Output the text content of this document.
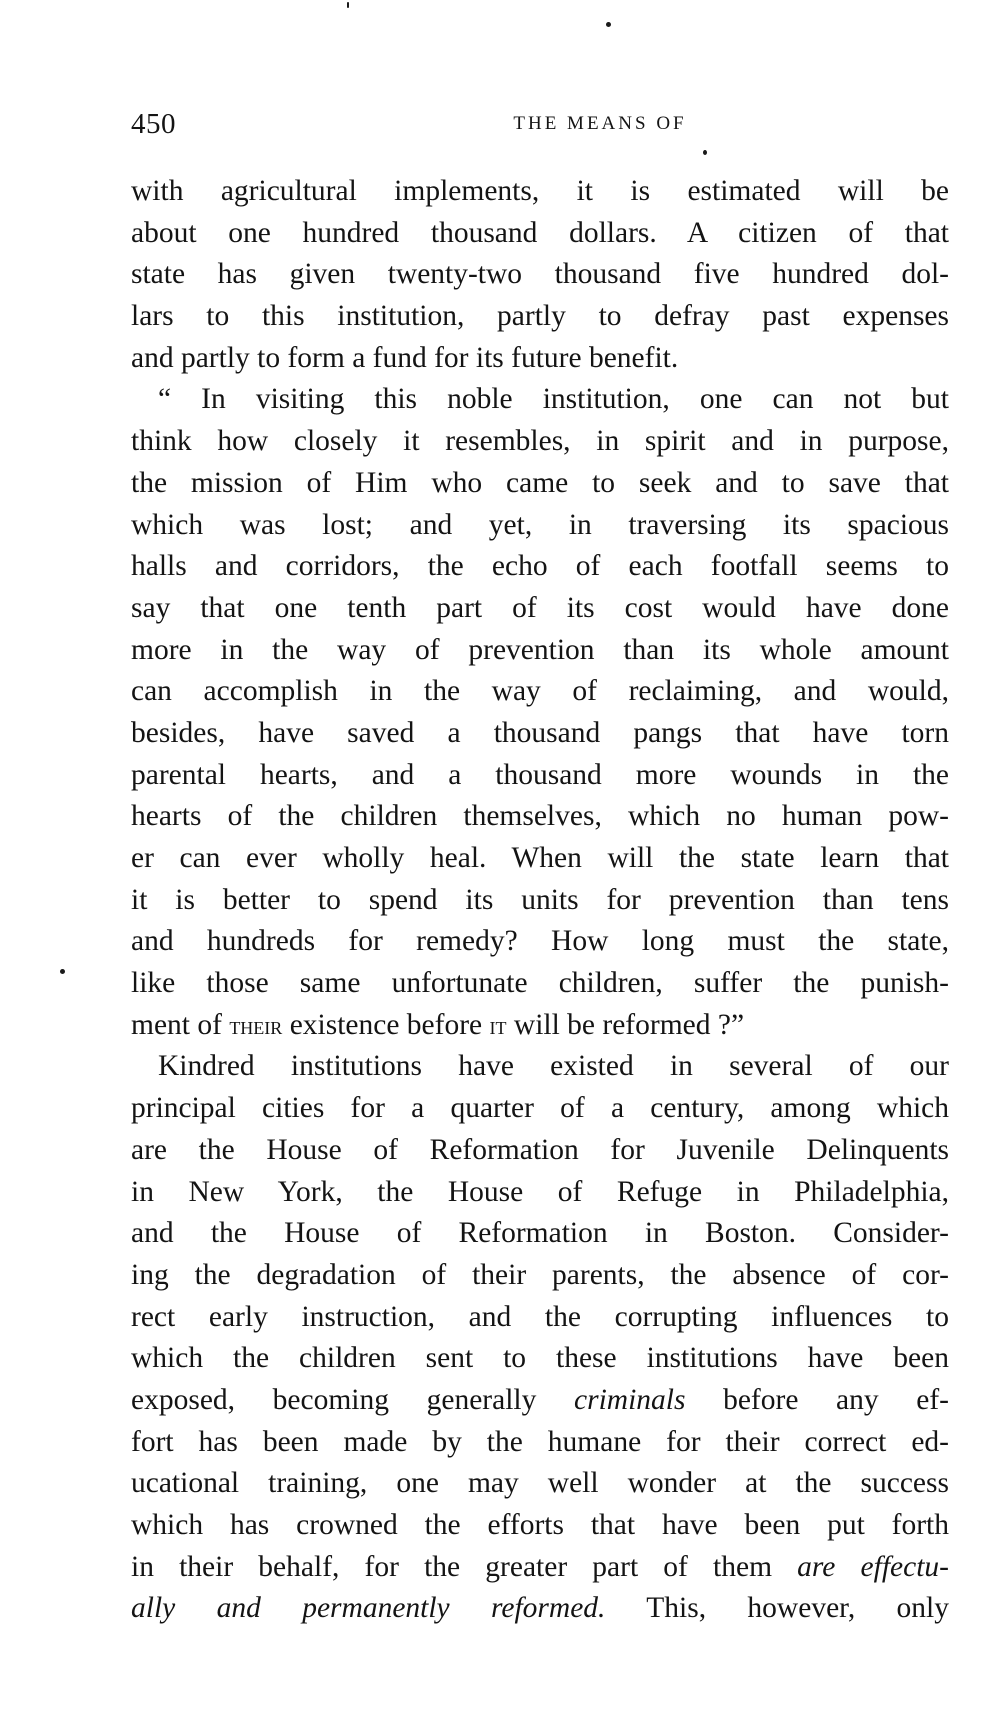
450	THE MEANS OF
with agricultural implements, it is estimated will be
about one hundred thousand dollars. A citizen of that
state has given twenty-two thousand five hundred dol-
lars to this institution, partly to defray past expenses
and partly to form a fund for its future benefit.
“ In visiting this noble institution, one can not but
think how closely it resembles, in spirit and in purpose,
the mission of Him who came to seek and to save that
which was lost; and yet, in traversing its spacious
halls and corridors, the echo of each footfall seems to
say that one tenth part of its cost would have done
more in the way of prevention than its whole amount
can accomplish in the way of reclaiming, and would,
besides, have saved a thousand pangs that have torn
parental hearts, and a thousand more wounds in the
hearts of the children themselves, which no human pow-
er can ever wholly heal. When will the state learn that
it is better to spend its units for prevention than tens
and hundreds for remedy? How long must the state,
like those same unfortunate children, suffer the punish-
ment of their existence before it will be reformed ?”
Kindred institutions have existed in several of our
principal cities for a quarter of a century, among which
are the House of Reformation for Juvenile Delinquents
in New York, the House of Refuge in Philadelphia,
and the House of Reformation in Boston. Consider-
ing the degradation of their parents, the absence of cor-
rect early instruction, and the corrupting influences to
which the children sent to these institutions have been
exposed, becoming generally criminals before any ef-
fort has been made by the humane for their correct ed-
ucational training, one may well wonder at the success
which has crowned the efforts that have been put forth
in their behalf, for the greater part of them are effectu-
ally and permanently reformed. This, however, only
